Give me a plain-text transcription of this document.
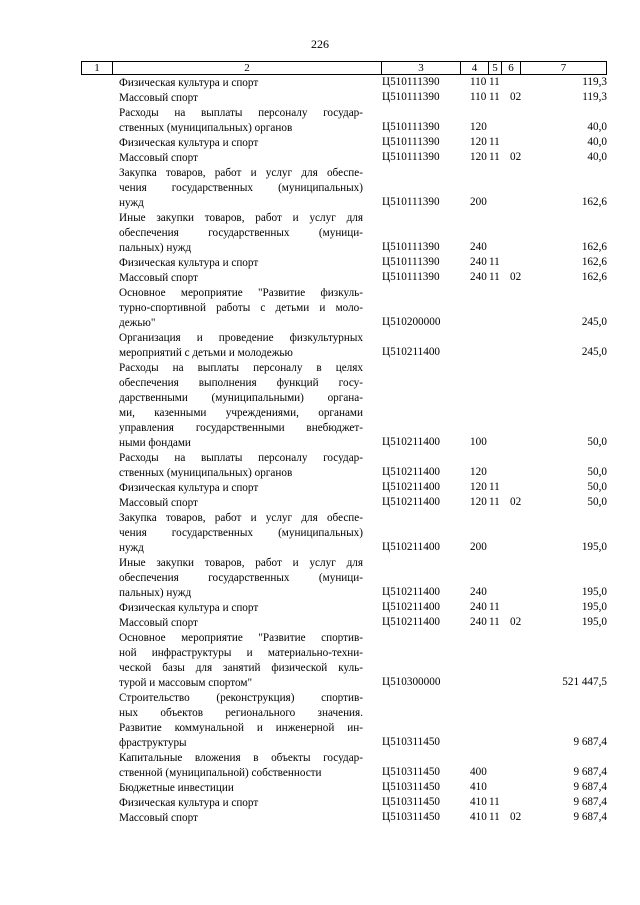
226
1	2	3	4	5 6	7
Физическая культура и спорт	Ц510111390	110 11	119,3
Массовый спорт	Ц510111390	110 11 02	119,3
Расходы на выплаты персоналу государ-
ственных (муниципальных) органов	Ц510111390	120	40,0
Физическая культура и спорт	Ц510111390	120 11	40,0
Массовый спорт	Ц510111390	120 11 02	40,0
Закупка товаров, работ и услуг для обеспе-
чения государственных (муниципальных)
нужд	Ц510111390	200	162,6
Иные закупки товаров, работ и услуг для
обеспечения государственных (муници-
пальных) нужд	Ц510111390	240	162,6
Физическая культура и спорт	Ц510111390	240 11	162,6
Массовый спорт	Ц510111390	240 11 02	162,6
Основное мероприятие "Развитие физкуль-
турно-спортивной работы с детьми и моло-
дежью"	Ц510200000	245,0
Организация и проведение физкультурных
мероприятий с детьми и молодежью	Ц510211400	245,0
Расходы на выплаты персоналу в целях
обеспечения выполнения функций госу-
дарственными (муниципальными) органа-
ми, казенными учреждениями, органами
управления государственными внебюджет-
ными фондами	Ц510211400	100	50,0
Расходы на выплаты персоналу государ-
ственных (муниципальных) органов	Ц510211400	120	50,0
Физическая культура и спорт	Ц510211400	120 11	50,0
Массовый спорт	Ц510211400	120 11 02	50,0
Закупка товаров, работ и услуг для обеспе-
чения государственных (муниципальных)
нужд	Ц510211400	200	195,0
Иные закупки товаров, работ и услуг для
обеспечения государственных (муници-
пальных) нужд	Ц510211400	240	195,0
Физическая культура и спорт	Ц510211400	240 11	195,0
Массовый спорт	Ц510211400	240 11 02	195,0
Основное мероприятие "Развитие спортив-
ной инфраструктуры и материально-техни-
ческой базы для занятий физической куль-
турой и массовым спортом"	Ц510300000	521 447,5
Строительство (реконструкция) спортив-
ных объектов регионального значения.
Развитие коммунальной и инженерной ин-
фраструктуры	Ц510311450	9 687,4
Капитальные вложения в объекты государ-
ственной (муниципальной) собственности	Ц510311450	400	9 687,4
Бюджетные инвестиции	Ц510311450	410	9 687,4
Физическая культура и спорт	Ц510311450	410 11	9 687,4
Массовый спорт	Ц510311450	410 11 02	9 687,4
